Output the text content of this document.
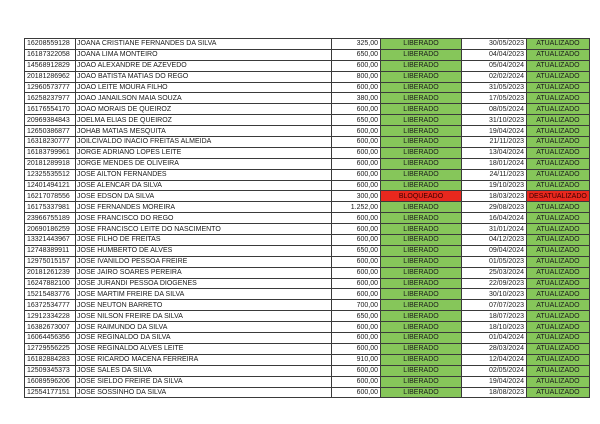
16208559128	JOANA CRISTIANE FERNANDES DA SILVA	325,00	LIBERADO	30/05/2023	ATUALIZADO
16187322058	JOANA LIMA MONTEIRO	650,00	LIBERADO	04/04/2023	ATUALIZADO
14568912829	JOAO ALEXANDRE DE AZEVEDO	600,00	LIBERADO	05/04/2024	ATUALIZADO
20181286962	JOAO BATISTA MATIAS DO REGO	800,00	LIBERADO	02/02/2024	ATUALIZADO
12960573777	JOAO LEITE MOURA FILHO	600,00	LIBERADO	31/05/2023	ATUALIZADO
16258237977	JOAO JANAILSON MAIA SOUZA	380,00	LIBERADO	17/05/2023	ATUALIZADO
16176554170	JOAO MORAIS DE QUEIROZ	600,00	LIBERADO	08/05/2024	ATUALIZADO
20969384843	JOELMA ELIAS DE QUEIROZ	650,00	LIBERADO	31/10/2023	ATUALIZADO
12650386877	JOHAB MATIAS MESQUITA	600,00	LIBERADO	19/04/2024	ATUALIZADO
16318230777	JOILCIVALDO INACIO FREITAS ALMEIDA	600,00	LIBERADO	21/11/2023	ATUALIZADO
16183799961	JORGE ADRIANO LOPES LEITE	600,00	LIBERADO	13/04/2024	ATUALIZADO
20181289918	JORGE MENDES DE OLIVEIRA	600,00	LIBERADO	18/01/2024	ATUALIZADO
12325535512	JOSE AILTON FERNANDES	600,00	LIBERADO	24/11/2023	ATUALIZADO
12401494121	JOSE ALENCAR DA SILVA	600,00	LIBERADO	19/10/2023	ATUALIZADO
16217078556	JOSE EDSON DA SILVA	300,00	BLOQUEADO	18/03/2023	DESATUALIZADO
16175337981	JOSE FERNANDES MOREIRA	1.252,00	LIBERADO	29/08/2023	ATUALIZADO
23966755189	JOSE FRANCISCO DO REGO	600,00	LIBERADO	16/04/2024	ATUALIZADO
20690186259	JOSE FRANCISCO LEITE DO NASCIMENTO	600,00	LIBERADO	31/01/2024	ATUALIZADO
13321443967	JOSE FILHO DE FREITAS	600,00	LIBERADO	04/12/2023	ATUALIZADO
12748389911	JOSE HUMBERTO DE ALVES	650,00	LIBERADO	09/04/2024	ATUALIZADO
12975015157	JOSE IVANILDO PESSOA FREIRE	600,00	LIBERADO	01/05/2023	ATUALIZADO
20181261239	JOSE JAIRO SOARES PEREIRA	600,00	LIBERADO	25/03/2024	ATUALIZADO
16247882100	JOSE JURANDI PESSOA DIOGENES	600,00	LIBERADO	22/09/2023	ATUALIZADO
15215483776	JOSE MARTIM FREIRE DA SILVA	600,00	LIBERADO	30/10/2023	ATUALIZADO
16372534777	JOSE NEUTON BARRETO	700,00	LIBERADO	07/07/2023	ATUALIZADO
12912334228	JOSE NILSON FREIRE DA SILVA	650,00	LIBERADO	18/07/2023	ATUALIZADO
16382673007	JOSE RAIMUNDO DA SILVA	600,00	LIBERADO	18/10/2023	ATUALIZADO
16064456356	JOSE REGINALDO DA SILVA	600,00	LIBERADO	01/04/2024	ATUALIZADO
12729556225	JOSE REGINALDO ALVES LEITE	600,00	LIBERADO	28/03/2024	ATUALIZADO
16182884283	JOSE RICARDO MACENA FERREIRA	910,00	LIBERADO	12/04/2024	ATUALIZADO
12509345373	JOSE SALES DA SILVA	600,00	LIBERADO	02/05/2024	ATUALIZADO
16089596206	JOSE SIELDO FREIRE DA SILVA	600,00	LIBERADO	19/04/2024	ATUALIZADO
12554177151	JOSE SOSSINHO DA SILVA	600,00	LIBERADO	18/08/2023	ATUALIZADO
